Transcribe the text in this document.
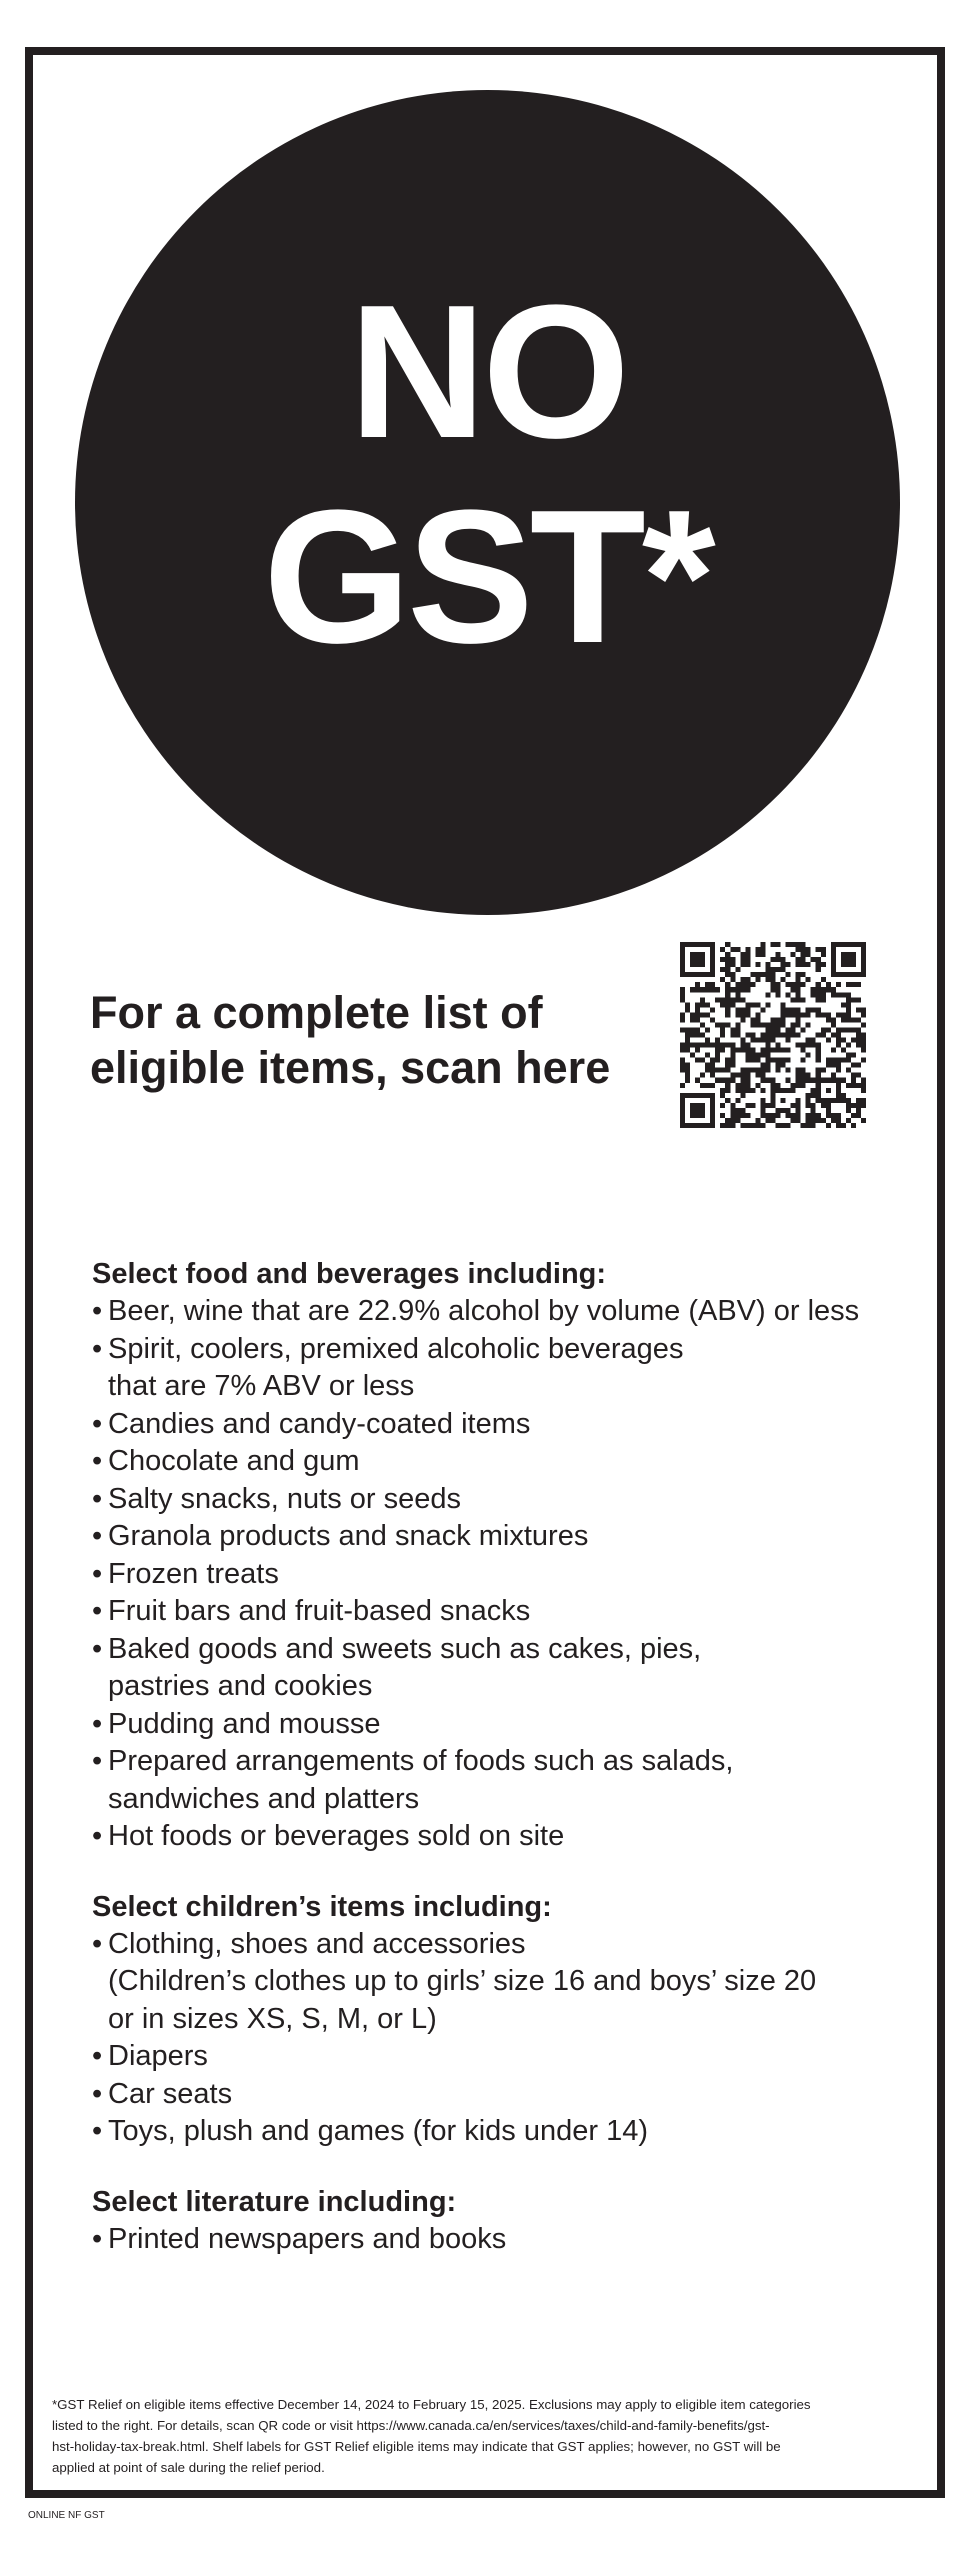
NO
GST*
For a complete list of
eligible items, scan here
Select food and beverages including:
• Beer, wine that are 22.9% alcohol by volume (ABV) or less
• Spirit, coolers, premixed alcoholic beverages
that are 7% ABV or less
• Candies and candy-coated items
• Chocolate and gum
• Salty snacks, nuts or seeds
• Granola products and snack mixtures
• Frozen treats
• Fruit bars and fruit-based snacks
• Baked goods and sweets such as cakes, pies,
pastries and cookies
• Pudding and mousse
• Prepared arrangements of foods such as salads,
sandwiches and platters
• Hot foods or beverages sold on site
Select children’s items including:
• Clothing, shoes and accessories
(Children’s clothes up to girls’ size 16 and boys’ size 20
or in sizes XS, S, M, or L)
• Diapers
• Car seats
• Toys, plush and games (for kids under 14)
Select literature including:
• Printed newspapers and books
*GST Relief on eligible items effective December 14, 2024 to February 15, 2025. Exclusions may apply to eligible item categories
listed to the right. For details, scan QR code or visit https://www.canada.ca/en/services/taxes/child-and-family-benefits/gst-
hst-holiday-tax-break.html. Shelf labels for GST Relief eligible items may indicate that GST applies; however, no GST will be
applied at point of sale during the relief period.
ONLINE NF GST
